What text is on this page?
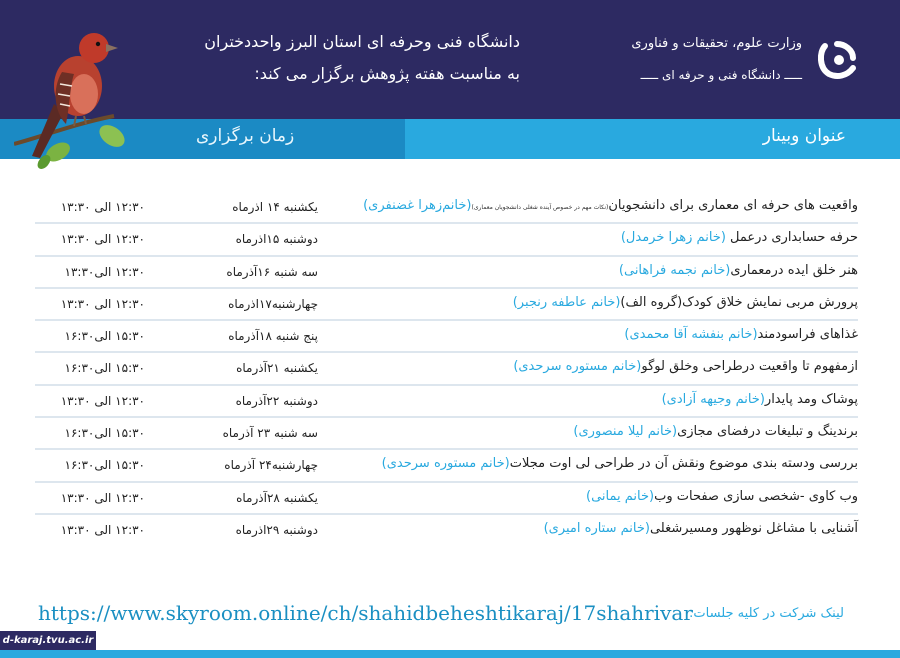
وزارت علوم، تحقیقات و فناوری
ـــــ دانشگاه فنی و حرفه ای ـــــ
دانشگاه فنی وحرفه ای استان البرز واحددختران
به مناسبت هفته پژوهش برگزار می کند:
عنوان وبینار
زمان برگزاری
واقعیت های حرفه ای معماری برای دانشجویان(نکات مهم در خصوص آینده شغلی دانشجویان معماری)(خانم‌زهرا غضنفری)
یکشنبه ۱۴ اذرماه
۱۲:۳۰ الی ۱۳:۳۰
حرفه حسابداری درعمل (خانم زهرا خرمدل)
دوشنبه ۱۵اذرماه
۱۲:۳۰ الی ۱۳:۳۰
هنر خلق ایده درمعماری(خانم نجمه فراهانی)
سه شنبه ۱۶آذرماه
۱۲:۳۰ الی۱۳:۳۰
پرورش مربی نمایش خلاق کودک(گروه الف)(خانم عاطفه رنجبر)
چهارشنبه۱۷اذرماه
۱۲:۳۰ الی ۱۳:۳۰
غذاهای فراسودمند(خانم بنفشه آقا محمدی)
پنج شنبه ۱۸آذرماه
۱۵:۳۰ الی۱۶:۳۰
ازمفهوم تا واقعیت درطراحی وخلق لوگو(خانم مستوره سرحدی)
یکشنبه ۲۱آذرماه
۱۵:۳۰ الی۱۶:۳۰
پوشاک ومد پایدار(خانم وجیهه آزادی)
دوشنبه ۲۲آذرماه
۱۲:۳۰ الی ۱۳:۳۰
برندینگ و تبلیغات درفضای مجازی(خانم لیلا منصوری)
سه شنبه ۲۳ آذرماه
۱۵:۳۰ الی۱۶:۳۰
بررسی ودسته بندی موضوع ونقش آن در طراحی لی اوت مجلات(خانم مستوره سرحدی)
چهارشنبه۲۴ آذرماه
۱۵:۳۰ الی۱۶:۳۰
وب کاوی -شخصی سازی صفحات وب(خانم یمانی)
یکشنبه ۲۸آذرماه
۱۲:۳۰ الی ۱۳:۳۰
آشنایی با مشاغل نوظهور ومسیرشغلی(خانم ستاره امیری)
دوشنبه ۲۹اذرماه
۱۲:۳۰ الی ۱۳:۳۰
لینک شرکت در کلیه جلسات:
https://www.skyroom.online/ch/shahidbeheshtikaraj/17shahrivar
d-karaj.tvu.ac.ir
